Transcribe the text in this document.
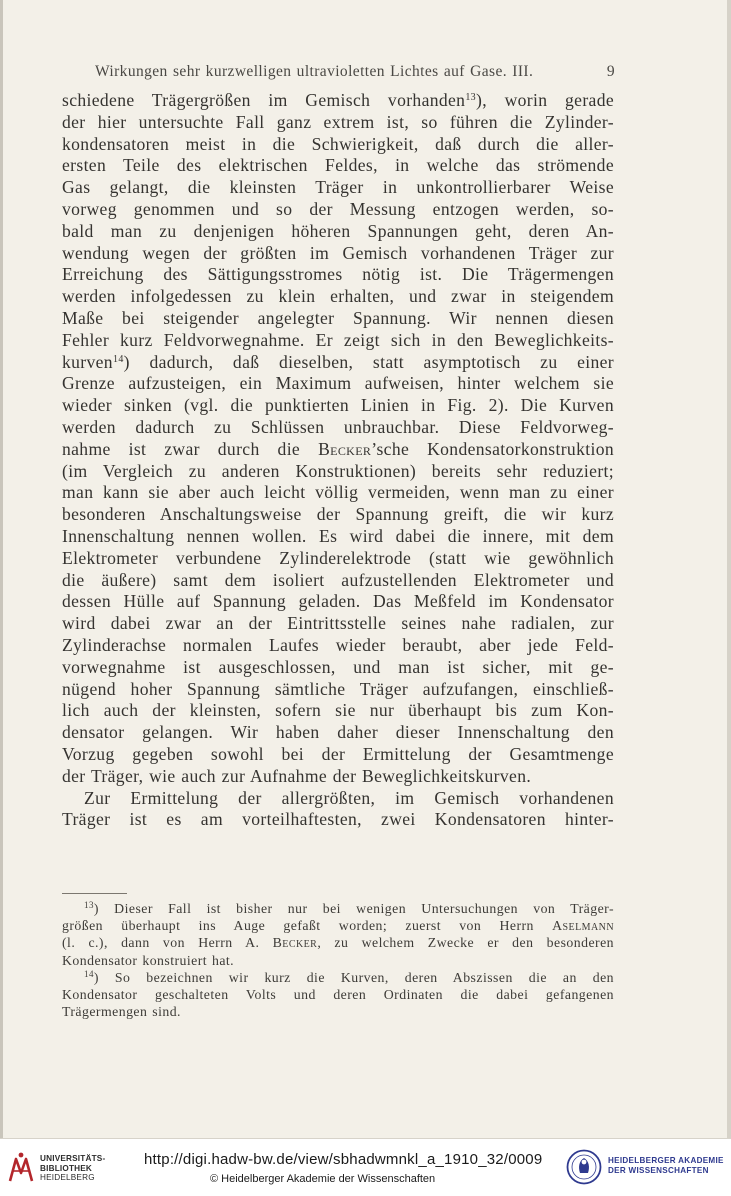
Wirkungen sehr kurzwelligen ultravioletten Lichtes auf Gase. III.	9
schiedene Trägergrößen im Gemisch vorhanden$^{13}$), worin gerade
der hier untersuchte Fall ganz extrem ist, so führen die Zylinder-
kondensatoren meist in die Schwierigkeit, daß durch die aller-
ersten Teile des elektrischen Feldes, in welche das strömende
Gas gelangt, die kleinsten Träger in unkontrollierbarer Weise
vorweg genommen und so der Messung entzogen werden, so-
bald man zu denjenigen höheren Spannungen geht, deren An-
wendung wegen der größten im Gemisch vorhandenen Träger zur
Erreichung des Sättigungsstromes nötig ist. Die Trägermengen
werden infolgedessen zu klein erhalten, und zwar in steigendem
Maße bei steigender angelegter Spannung. Wir nennen diesen
Fehler kurz Feldvorwegnahme. Er zeigt sich in den Beweglichkeits-
kurven$^{14}$) dadurch, daß dieselben, statt asymptotisch zu einer
Grenze aufzusteigen, ein Maximum aufweisen, hinter welchem sie
wieder sinken (vgl. die punktierten Linien in Fig. 2). Die Kurven
werden dadurch zu Schlüssen unbrauchbar. Diese Feldvorweg-
nahme ist zwar durch die Becker’sche Kondensatorkonstruktion
(im Vergleich zu anderen Konstruktionen) bereits sehr reduziert;
man kann sie aber auch leicht völlig vermeiden, wenn man zu einer
besonderen Anschaltungsweise der Spannung greift, die wir kurz
Innenschaltung nennen wollen. Es wird dabei die innere, mit dem
Elektrometer verbundene Zylinderelektrode (statt wie gewöhnlich
die äußere) samt dem isoliert aufzustellenden Elektrometer und
dessen Hülle auf Spannung geladen. Das Meßfeld im Kondensator
wird dabei zwar an der Eintrittsstelle seines nahe radialen, zur
Zylinderachse normalen Laufes wieder beraubt, aber jede Feld-
vorwegnahme ist ausgeschlossen, und man ist sicher, mit ge-
nügend hoher Spannung sämtliche Träger aufzufangen, einschließ-
lich auch der kleinsten, sofern sie nur überhaupt bis zum Kon-
densator gelangen. Wir haben daher dieser Innenschaltung den
Vorzug gegeben sowohl bei der Ermittelung der Gesamtmenge
der Träger, wie auch zur Aufnahme der Beweglichkeitskurven.
Zur Ermittelung der allergrößten, im Gemisch vorhandenen
Träger ist es am vorteilhaftesten, zwei Kondensatoren hinter-
$^{13}$) Dieser Fall ist bisher nur bei wenigen Untersuchungen von Träger-
größen überhaupt ins Auge gefaßt worden; zuerst von Herrn Aselmann
(l. c.), dann von Herrn A. Becker, zu welchem Zwecke er den besonderen
Kondensator konstruiert hat.
$^{14}$) So bezeichnen wir kurz die Kurven, deren Abszissen die an den
Kondensator geschalteten Volts und deren Ordinaten die dabei gefangenen
Trägermengen sind.
UNIVERSITÄTS-
BIBLIOTHEK
HEIDELBERG
http://digi.hadw-bw.de/view/sbhadwmnkl_a_1910_32/0009
© Heidelberger Akademie der Wissenschaften
HEIDELBERGER AKADEMIE
DER WISSENSCHAFTEN
